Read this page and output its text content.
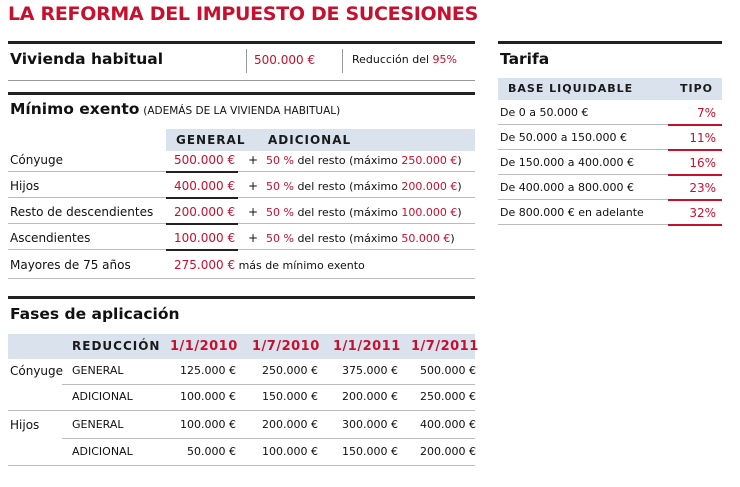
LA REFORMA DEL IMPUESTO DE SUCESIONES
Vivienda habitual	500.000 €	Reducción del 95%
Mínimo exento (ADEMÁS DE LA VIVIENDA HABITUAL)
GENERAL ADICIONAL
Cónyuge	500.000 € + 50 % del resto (máximo 250.000 €)
Hijos	400.000 € + 50 % del resto (máximo 200.000 €)
Resto de descendientes 200.000 € + 50 % del resto (máximo 100.000 €)
Ascendientes	100.000 € + 50 % del resto (máximo 50.000 €)
Mayores de 75 años	275.000 € más de mínimo exento
Tarifa
BASE LIQUIDABLE	TIPO
De 0 a 50.000 €	7%
De 50.000 a 150.000 €	11%
De 150.000 a 400.000 €	16%
De 400.000 a 800.000 €	23%
De 800.000 € en adelante	32%
Fases de aplicación
REDUCCIÓN 1/1/2010 1/7/2010 1/1/2011 1/7/2011
Cónyuge GENERAL	125.000 € 250.000 € 375.000 € 500.000 €
ADICIONAL	100.000 € 150.000 € 200.000 € 250.000 €
Hijos	GENERAL	100.000 € 200.000 € 300.000 € 400.000 €
ADICIONAL	50.000 € 100.000 € 150.000 € 200.000 €
